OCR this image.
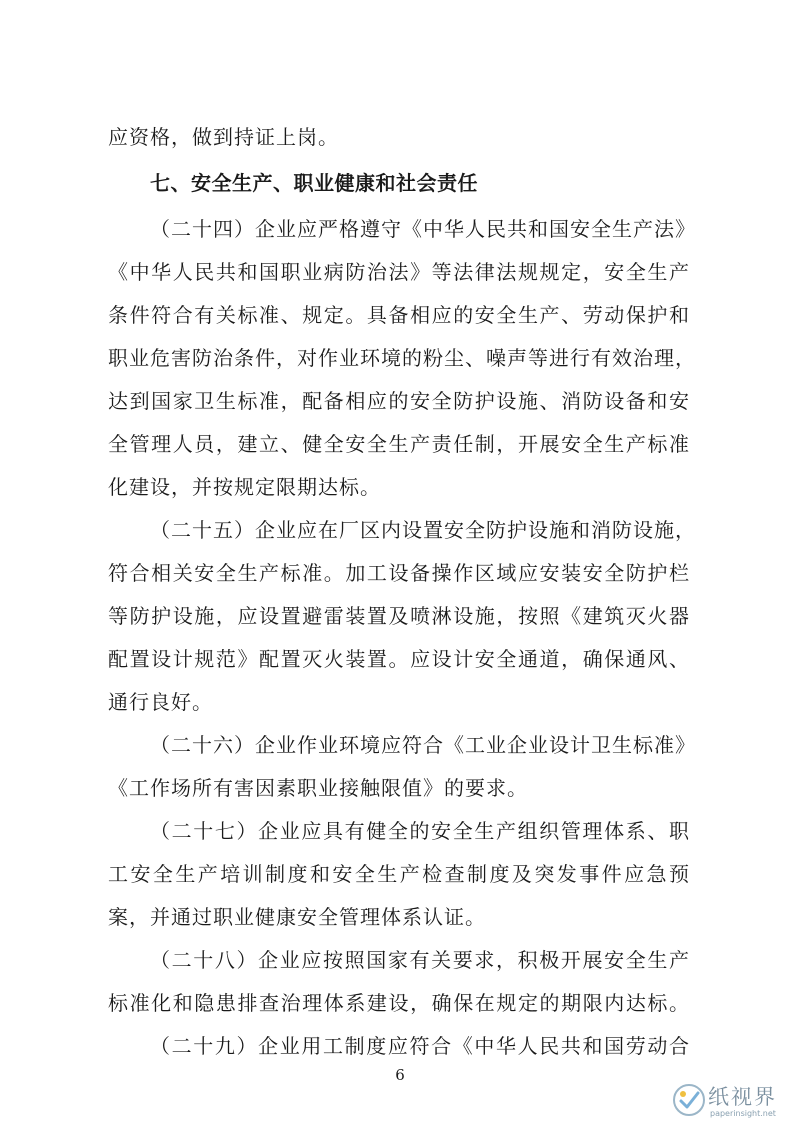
应资格，做到持证上岗。

七、安全生产、职业健康和社会责任

（二十四）企业应严格遵守《中华人民共和国安全生产法》

《中华人民共和国职业病防治法》等法律法规规定，安全生产

条件符合有关标准、规定。具备相应的安全生产、劳动保护和

职业危害防治条件，对作业环境的粉尘、噪声等进行有效治理，

达到国家卫生标准，配备相应的安全防护设施、消防设备和安

全管理人员，建立、健全安全生产责任制，开展安全生产标准

化建设，并按规定限期达标。

（二十五）企业应在厂区内设置安全防护设施和消防设施，

符合相关安全生产标准。加工设备操作区域应安装安全防护栏

等防护设施，应设置避雷装置及喷淋设施，按照《建筑灭火器

配置设计规范》配置灭火装置。应设计安全通道，确保通风、

通行良好。

（二十六）企业作业环境应符合《工业企业设计卫生标准》

《工作场所有害因素职业接触限值》的要求。

（二十七）企业应具有健全的安全生产组织管理体系、职

工安全生产培训制度和安全生产检查制度及突发事件应急预

案，并通过职业健康安全管理体系认证。

（二十八）企业应按照国家有关要求，积极开展安全生产

标准化和隐患排查治理体系建设，确保在规定的期限内达标。

（二十九）企业用工制度应符合《中华人民共和国劳动合

6
纸视界
paperinsight.net
